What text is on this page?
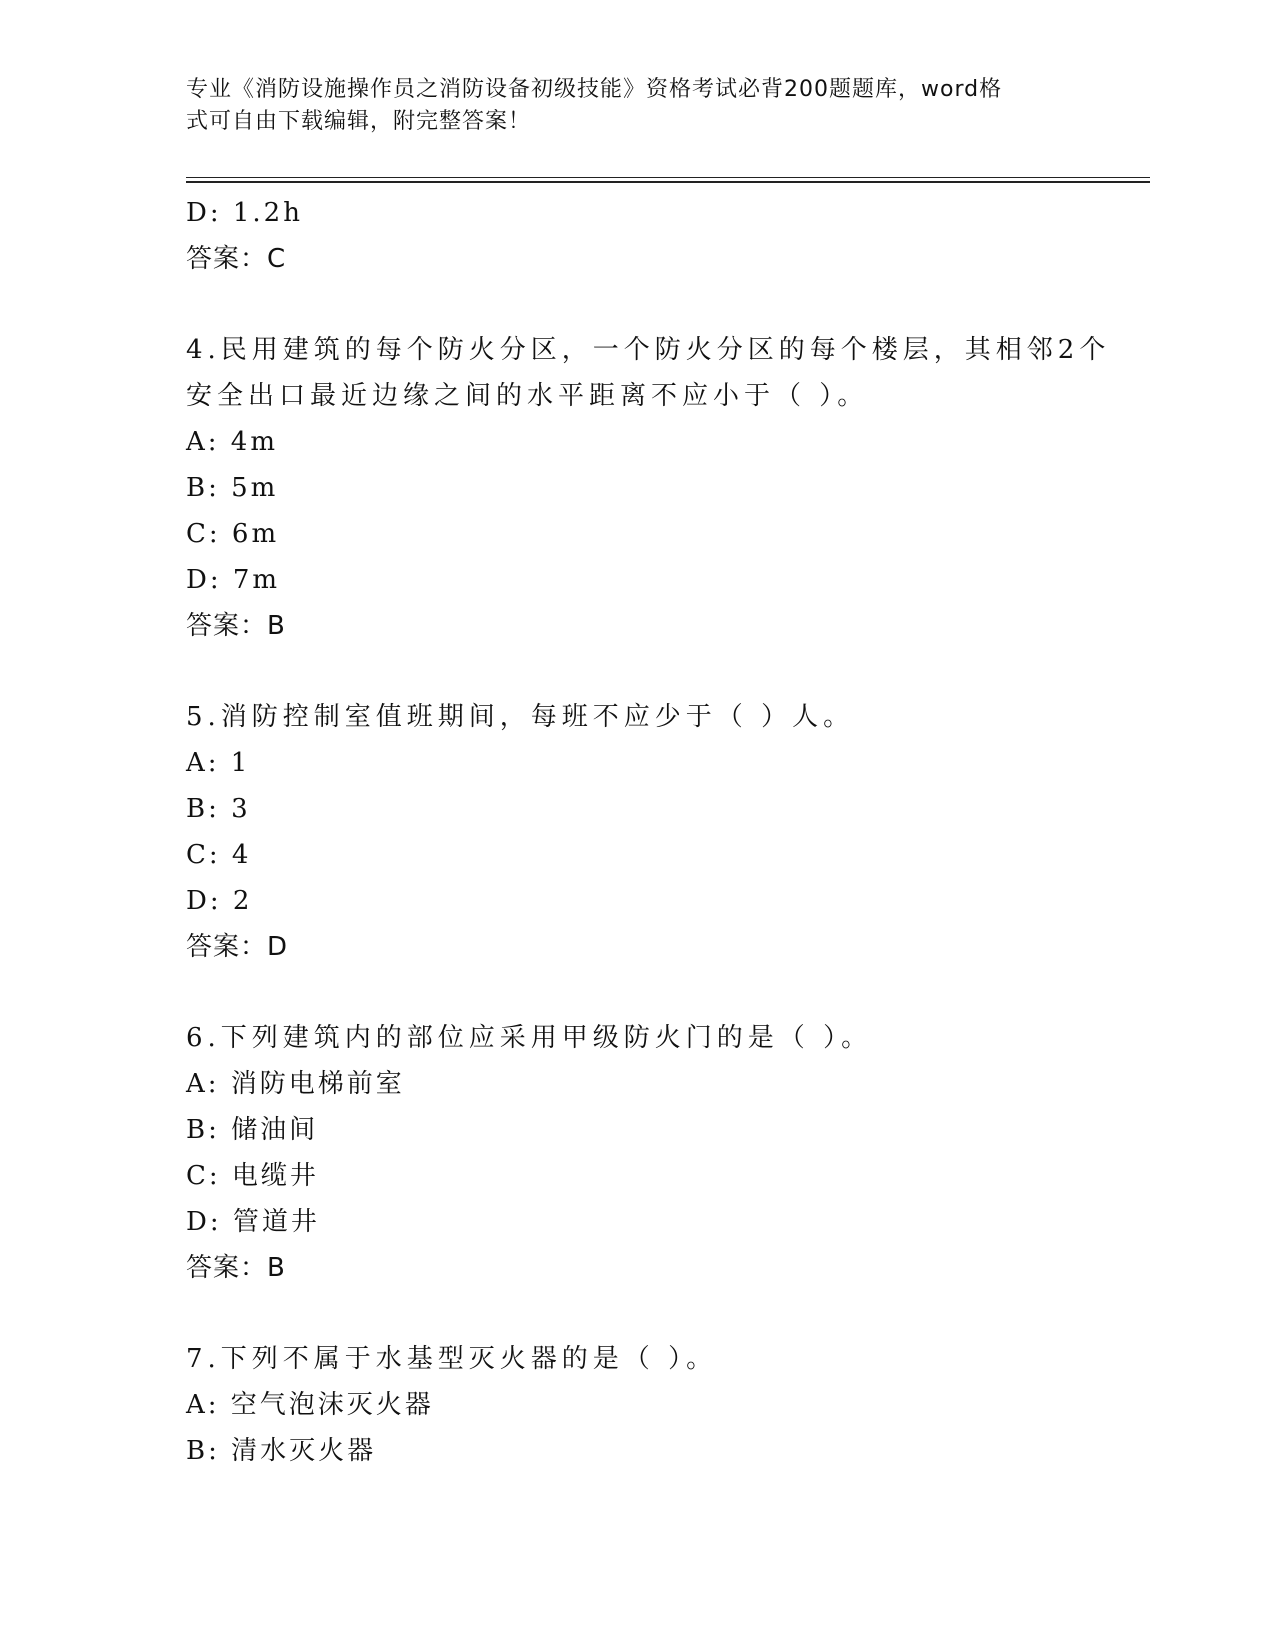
专业《消防设施操作员之消防设备初级技能》资格考试必背200题题库，word格
式可自由下载编辑，附完整答案！
D: 1.2h
答案：C
4.民用建筑的每个防火分区，一个防火分区的每个楼层，其相邻2个
安全出口最近边缘之间的水平距离不应小于（ ）。
A: 4m
B: 5m
C: 6m
D: 7m
答案：B
5.消防控制室值班期间，每班不应少于（ ）人。
A: 1
B: 3
C: 4
D: 2
答案：D
6.下列建筑内的部位应采用甲级防火门的是（ ）。
A: 消防电梯前室
B: 储油间
C: 电缆井
D: 管道井
答案：B
7.下列不属于水基型灭火器的是（ ）。
A: 空气泡沫灭火器
B: 清水灭火器
